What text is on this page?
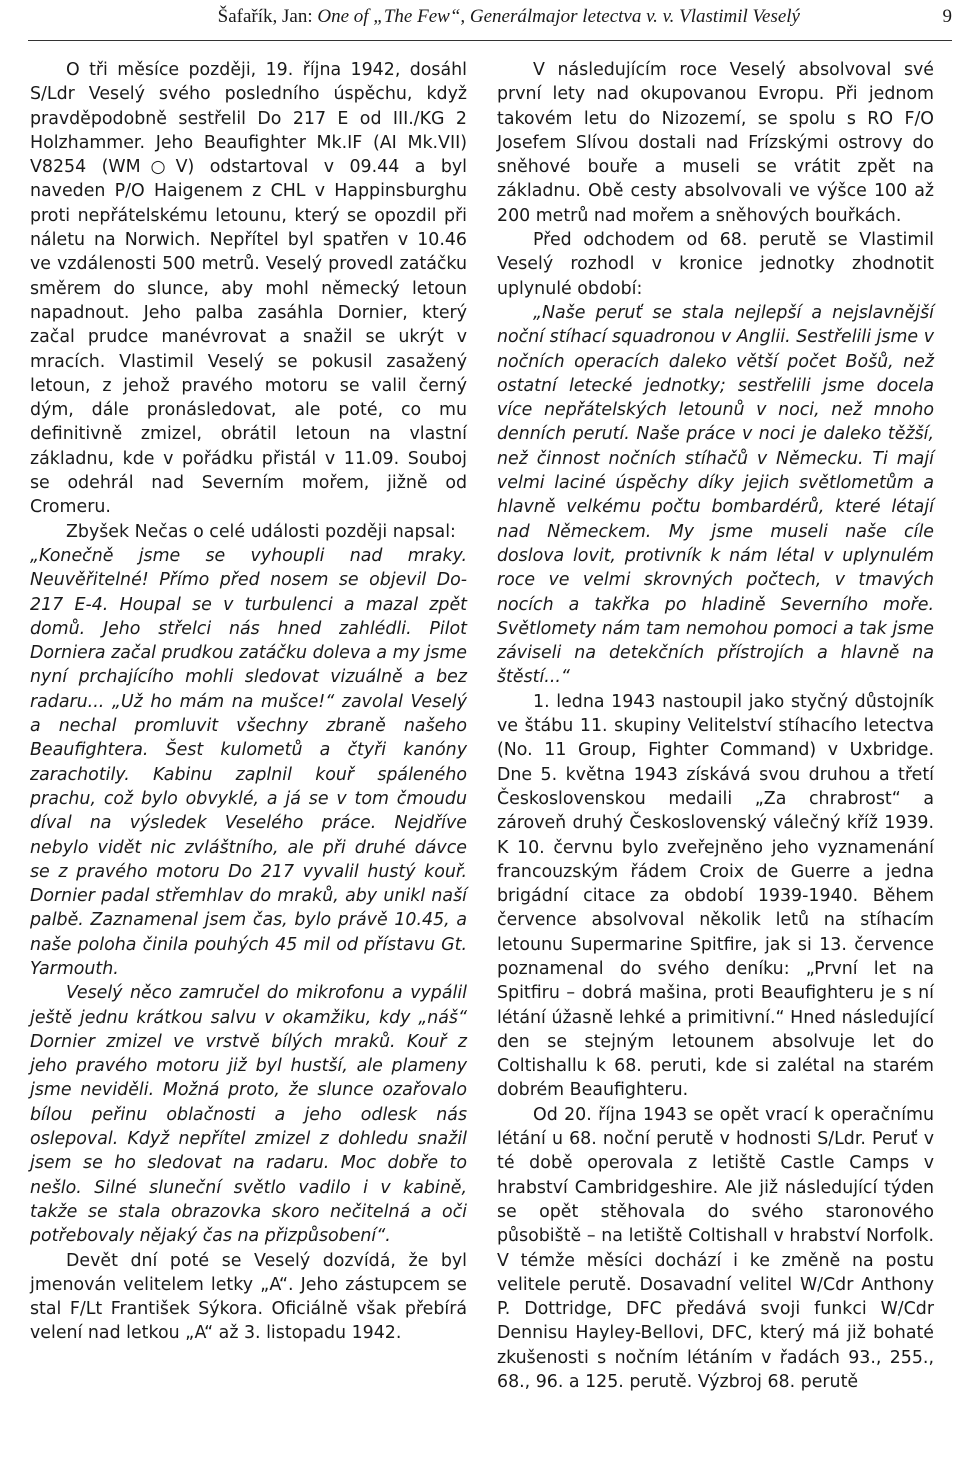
Šafařík, Jan: One of „The Few“, Generálmajor letectva v. v. Vlastimil Veselý	9

O tři měsíce později, 19. října 1942, dosáhl S/Ldr Veselý svého posledního úspěchu, když pravděpodobně sestřelil Do 217 E od III./KG 2 Holzhammer. Jeho Beaufighter Mk.IF (AI Mk.VII) V8254 (WM○V) odstartoval v 09.44 a byl naveden P/O Haigenem z CHL v Happinsburghu proti nepřátelskému letounu, který se opozdil při náletu na Norwich. Nepřítel byl spatřen v 10.46 ve vzdálenosti 500 metrů. Veselý provedl zatáčku směrem do slunce, aby mohl německý letoun napadnout. Jeho palba zasáhla Dornier, který začal prudce manévrovat a snažil se ukrýt v mracích. Vlastimil Veselý se pokusil zasažený letoun, z jehož pravého motoru se valil černý dým, dále pronásledovat, ale poté, co mu definitivně zmizel, obrátil letoun na vlastní základnu, kde v pořádku přistál v 11.09. Souboj se odehrál nad Severním mořem, jižně od Cromeru.

Zbyšek Nečas o celé události později napsal:

„Konečně jsme se vyhoupli nad mraky. Neuvěřitelné! Přímo před nosem se objevil Do-217 E-4. Houpal se v turbulenci a mazal zpět domů. Jeho střelci nás hned zahlédli. Pilot Dorniera začal prudkou zatáčku doleva a my jsme nyní prchajícího mohli sledovat vizuálně a bez radaru... „Už ho mám na mušce!“ zavolal Veselý a nechal promluvit všechny zbraně našeho Beaufightera. Šest kulometů a čtyři kanóny zarachotily. Kabinu zaplnil kouř spáleného prachu, což bylo obvyklé, a já se v tom čmoudu díval na výsledek Veselého práce. Nejdříve nebylo vidět nic zvláštního, ale při druhé dávce se z pravého motoru Do 217 vyvalil hustý kouř. Dornier padal střemhlav do mraků, aby unikl naší palbě. Zaznamenal jsem čas, bylo právě 10.45, a naše poloha činila pouhých 45 mil od přístavu Gt. Yarmouth.

Veselý něco zamručel do mikrofonu a vypálil ještě jednu krátkou salvu v okamžiku, kdy „náš“ Dornier zmizel ve vrstvě bílých mraků. Kouř z jeho pravého motoru již byl hustší, ale plameny jsme neviděli. Možná proto, že slunce ozařovalo bílou peřinu oblačnosti a jeho odlesk nás oslepoval. Když nepřítel zmizel z dohledu snažil jsem se ho sledovat na radaru. Moc dobře to nešlo. Silné sluneční světlo vadilo i v kabině, takže se stala obrazovka skoro nečitelná a oči potřebovaly nějaký čas na přizpůsobení“.

Devět dní poté se Veselý dozvídá, že byl jmenován velitelem letky „A“. Jeho zástupcem se stal F/Lt František Sýkora. Oficiálně však přebírá velení nad letkou „A“ až 3. listopadu 1942.

V následujícím roce Veselý absolvoval své první lety nad okupovanou Evropu. Při jednom takovém letu do Nizozemí, se spolu s RO F/O Josefem Slívou dostali nad Frízskými ostrovy do sněhové bouře a museli se vrátit zpět na základnu. Obě cesty absolvovali ve výšce 100 až 200 metrů nad mořem a sněhových bouřkách.

Před odchodem od 68. perutě se Vlastimil Veselý rozhodl v kronice jednotky zhodnotit uplynulé období:

„Naše peruť se stala nejlepší a nejslavnější noční stíhací squadronou v Anglii. Sestřelili jsme v nočních operacích daleko větší počet Bošů, než ostatní letecké jednotky; sestřelili jsme docela více nepřátelských letounů v noci, než mnoho denních perutí. Naše práce v noci je daleko těžší, než činnost nočních stíhačů v Německu. Ti mají velmi laciné úspěchy díky jejich světlometům a hlavně velkému počtu bombardérů, které létají nad Německem. My jsme museli naše cíle doslova lovit, protivník k nám létal v uplynulém roce ve velmi skrovných počtech, v tmavých nocích a takřka po hladině Severního moře. Světlomety nám tam nemohou pomoci a tak jsme záviseli na detekčních přístrojích a hlavně na štěstí...“

1. ledna 1943 nastoupil jako styčný důstojník ve štábu 11. skupiny Velitelství stíhacího letectva (No. 11 Group, Fighter Command) v Uxbridge. Dne 5. května 1943 získává svou druhou a třetí Československou medaili „Za chrabrost“ a zároveň druhý Československý válečný kříž 1939. K 10. červnu bylo zveřejněno jeho vyznamenání francouzským řádem Croix de Guerre a jedna brigádní citace za období 1939-1940. Během července absolvoval několik letů na stíhacím letounu Supermarine Spitfire, jak si 13. července poznamenal do svého deníku: „První let na Spitfiru – dobrá mašina, proti Beaufighteru je s ní létání úžasně lehké a primitivní.“ Hned následující den se stejným letounem absolvuje let do Coltishallu k 68. peruti, kde si zalétal na starém dobrém Beaufighteru.

Od 20. října 1943 se opět vrací k operačnímu létání u 68. noční perutě v hodnosti S/Ldr. Peruť v té době operovala z letiště Castle Camps v hrabství Cambridgeshire. Ale již následující týden se opět stěhovala do svého staronového působiště – na letiště Coltishall v hrabství Norfolk. V témže měsíci dochází i ke změně na postu velitele perutě. Dosavadní velitel W/Cdr Anthony P. Dottridge, DFC předává svoji funkci W/Cdr Dennisu Hayley-Bellovi, DFC, který má již bohaté zkušenosti s nočním létáním v řadách 93., 255., 68., 96. a 125. perutě. Výzbroj 68. perutě
